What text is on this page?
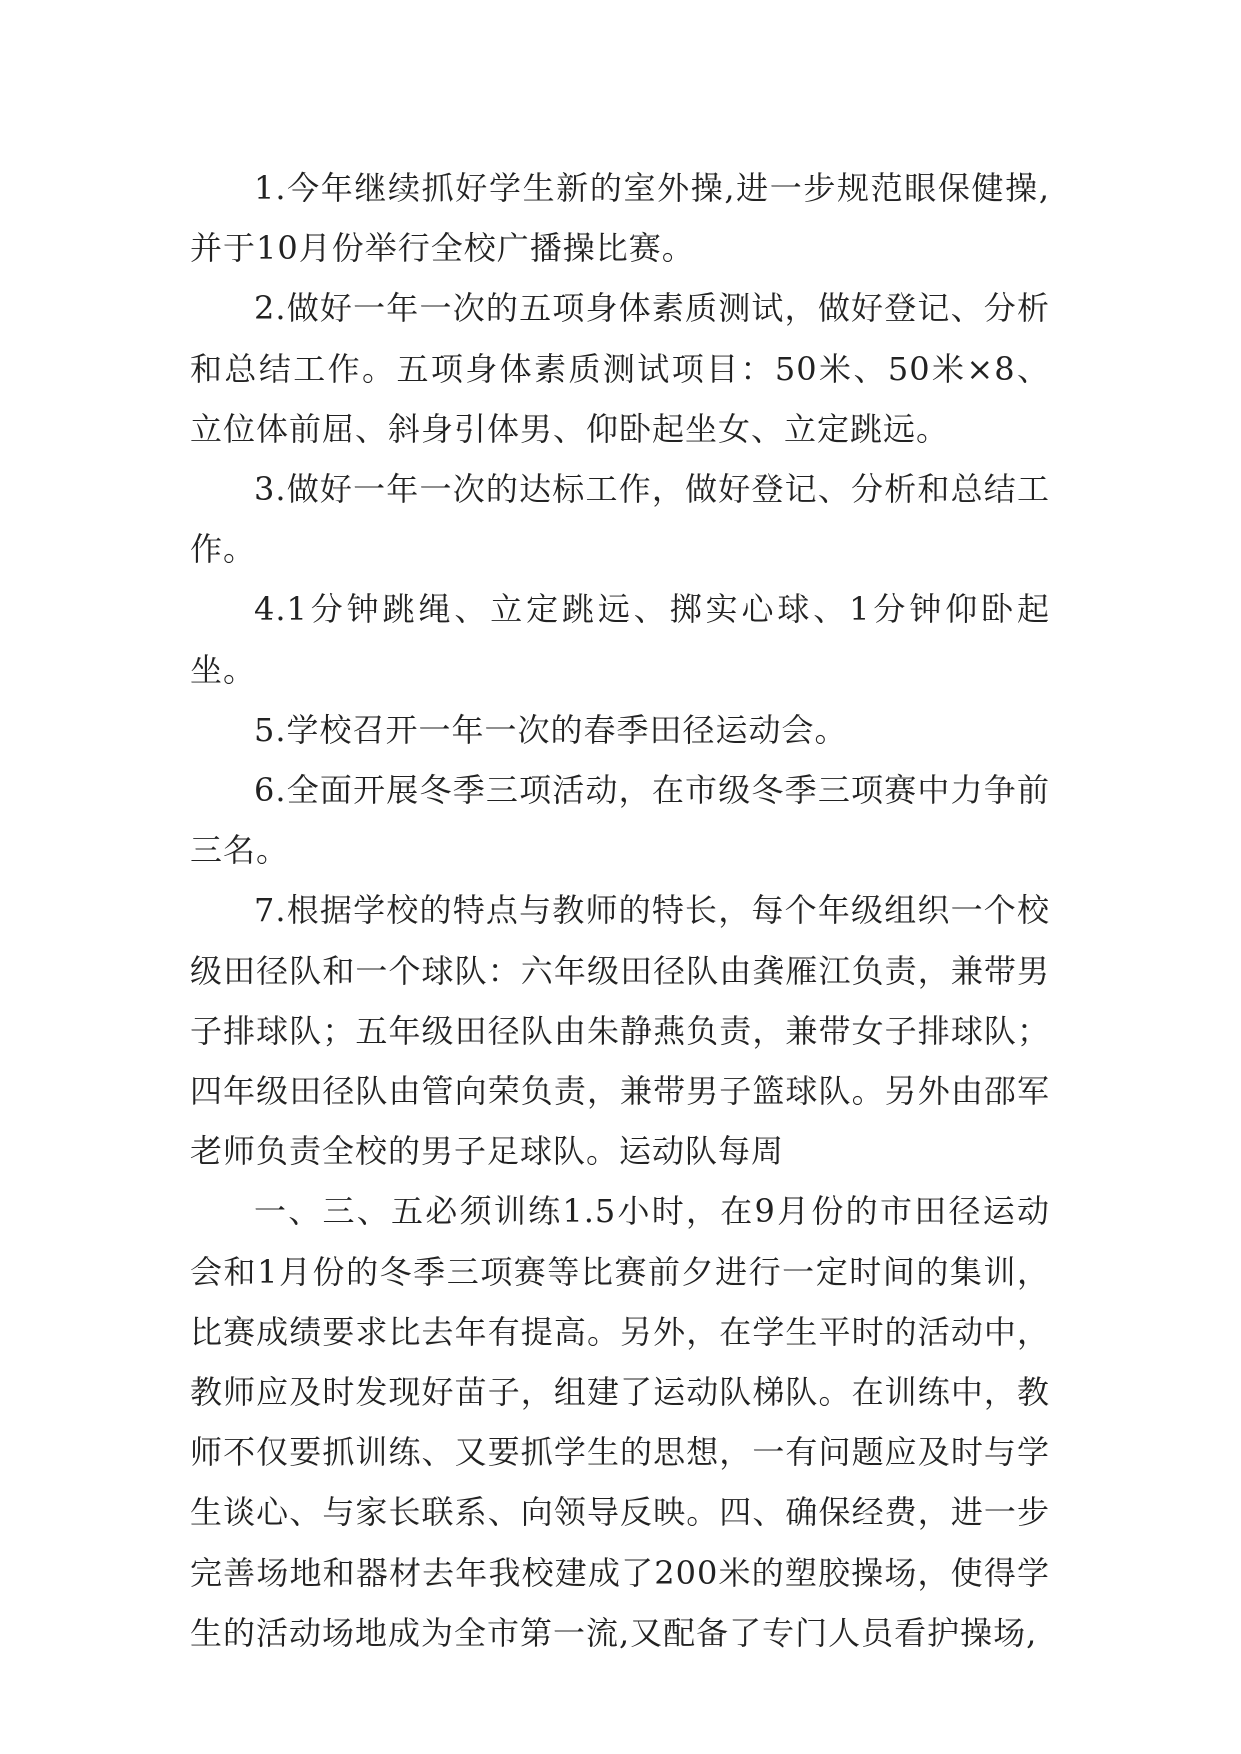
1.今年继续抓好学生新的室外操,进一步规范眼保健操,并于10月份举行全校广播操比赛。

2.做好一年一次的五项身体素质测试，做好登记、分析和总结工作。五项身体素质测试项目：50米、50米×8、立位体前屈、斜身引体男、仰卧起坐女、立定跳远。

3.做好一年一次的达标工作，做好登记、分析和总结工作。

4.1分钟跳绳、立定跳远、掷实心球、1分钟仰卧起坐。

5.学校召开一年一次的春季田径运动会。

6.全面开展冬季三项活动，在市级冬季三项赛中力争前三名。

7.根据学校的特点与教师的特长，每个年级组织一个校级田径队和一个球队：六年级田径队由龚雁江负责，兼带男子排球队；五年级田径队由朱静燕负责，兼带女子排球队；四年级田径队由管向荣负责，兼带男子篮球队。另外由邵军老师负责全校的男子足球队。运动队每周

一、三、五必须训练1.5小时，在9月份的市田径运动会和1月份的冬季三项赛等比赛前夕进行一定时间的集训，比赛成绩要求比去年有提高。另外，在学生平时的活动中，教师应及时发现好苗子，组建了运动队梯队。在训练中，教师不仅要抓训练、又要抓学生的思想，一有问题应及时与学生谈心、与家长联系、向领导反映。四、确保经费，进一步完善场地和器材去年我校建成了200米的塑胶操场，使得学生的活动场地成为全市第一流,又配备了专门人员看护操场,
